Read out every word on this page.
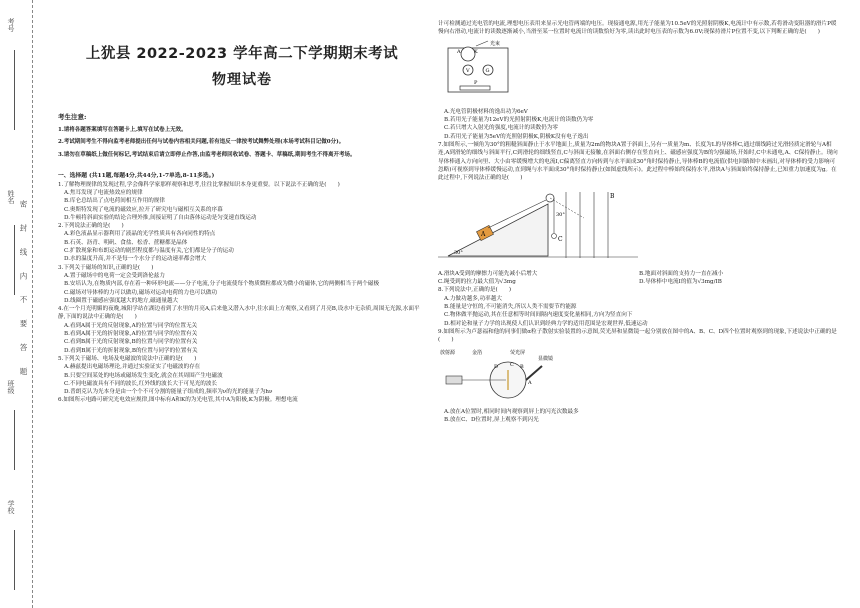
考号
姓名
密 封 线 内 不 要 答 题
班级
学校
上犹县 2022-2023 学年高二下学期期末考试
物理试卷
考生注意:

1.请将各题答案填写在答题卡上,填写在试卷上无效。

2.考试期间考生不得向监考老师提出任何与试卷内容相关问题,若有违反一律按考试舞弊处理(本场考试科目记做0分)。

3.请勿在草稿纸上做任何标记,考试结束后请立即停止作答,由监考老师回收试卷、答题卡、草稿纸,期间考生不得离开考场。

一、选择题 (共11题,每题4分,共44分,1-7单选,8-11多选。)

1.了解物理规律的发现过程,学会像科学家那样观察和思考,往往比掌握知识本身更重要。以下说法不正确的是(　　)

A.焦耳发现了电流热效应的规律

B.库仑总结出了点电荷间相互作用的规律

C.奥斯特发现了电流的磁效应,拉开了研究电与磁相互关系的序幕

D.牛顿将斜面实验的结论合理外推,间接证明了自由落体运动是匀变速直线运动

2.下列说法正确的是(　　)

A.彩色液晶显示器利用了液晶的光学性质具有各向同性的特点

B.石英、沥青、明矾、食盐、松香、蔗糖都是晶体

C.扩散现象和布朗运动的剧烈程度都与温度有关,它们都是分子的运动

D.水的温度升高,并不是每一个水分子的运动速率都会增大

3.下列关于磁场的知识,正确的是(　　)

A.置于磁场中的电荷一定会受到洛伦兹力

B.安培认为,在物质内部,存在着一种环形电流——分子电流,分子电流使每个物质微粒都成为微小的磁体,它的两侧相当于两个磁极

C.磁场对导体棒的力可以做功,磁场对运动电荷的力也可以做功

D.线圈置于磁感应强度越大的地方,磁通量越大

4.在一个月光明媚的夜晚,城阳学站在湖边看到了水里的月亮A,后来他又潜入水中,往水面上方观察,又看到了月亮B,设水中无杂质,周围无光源,水面平静,下面的说法中正确的是(　　)

A.看到A属于光的反射现象,A的位置与同学的位置无关

B.看到A属于光的折射现象,A的位置与同学的位置有关

C.看到B属于光的反射现象,B的位置与同学的位置有关

D.看到B属于光的折射现象,B的位置与同学的位置有关

5.下列关于磁场、电场及电磁波的说法中正确的是(　　)

A.赫兹提出电磁场理论,并通过实验证实了电磁波的存在

B.只要空间某处的电场或磁场发生变化,就会在其周围产生电磁波

C.不同电磁波具有不同的波长,红外线的波长大于可见光的波长

D.普朗克认为光本身是由一个个不可分割的能量子组成的,频率为ν的光的能量子为hν

6.如图所示电路可研究光电效应规律,图中标有A和K的为光电管,其中A为阳极,K为阴极。理想电流

计可检测通过光电管的电流,理想电压表用来显示光电管两端的电压。现接通电源,用光子能量为10.5eV的光照射阴极K,电流计中有示数,若将滑动变阻器的滑片P缓慢向右滑动,电流计的读数逐渐减小,当滑至某一位置时电流计的读数恰好为零,读出此时电压表的示数为6.0V;现保持滑片P位置不变,以下判断正确的是(　　)

A	K
光束
G
V
P

A.光电管阴极材料的逸出功为6eV

B.若用光子能量为12eV的光照射阴极K,电流计的读数仍为零

C.若只增大入射光的强度,电流计的读数仍为零

D.若用光子能量为5eV的光照射阴极K,阴极K没有电子逸出

7.如图所示,一倾角为30°的粗糙斜面静止于水平地面上,质量为2m的物块A置于斜面上,另有一质量为m、长度为L的导体棒C,通过细线跨过光滑轻质定滑轮与A相连,A到滑轮的细线与斜面平行,C到滑轮的细线竖直,C与斜面无接触,在斜面右侧存在竖直向上、磁感应强度为B的匀强磁场,开始时,C中未通电,A、C保持静止。现向导体棒通入方向向里、大小由零缓慢增大的电流I,C偏离竖直方向转到与水平面成30°角时保持静止,导体棒B的电流值(供电回路图中未画出,对导体棒的受力影响可忽略)可视察到导体棒缓慢运动,直到绳与水平面成30°角时保持静止(如图虚线所示)。此过程中棒始终保持水平,滑块A与斜面始终保持静止,已知重力加速度为g。在此过程中,下列说法正确的是(　　)

A
C
B
30°
30°
A.滑块A受到的摩擦力可能先减小后增大	B.地面对斜面的支持力一直在减小
C.绳受到的拉力最大值为√3mg	D.导体棒中电流I的值为√3mg/IB

8.下列说法中,正确的是(　　)

A.力做功越多,功率越大

B.能量是守恒的,不可能消失,所以人类不需要节约能源

C.物体做平抛运动,其在任意相等时间间隔内速度变化量相同,方向为竖直向下

D.相对论和量子力学的出现使人们认识到经典力学的适用范围是宏观世界,低速运动

9.如图所示为卢瑟福和他的同事们做α粒子散射实验装置的示意图,荧光屏和显微镜一起分别放在图中的A、B、C、D四个位置时观察到的现象,下述说法中正确的是(　　)

放射源	金箔	荧光屏
显微镜
A
B
C
D

A.放在A位置时,相同时间内观察到屏上的闪光次数最多

B.放在C、D位置时,屏上观察不到闪光
